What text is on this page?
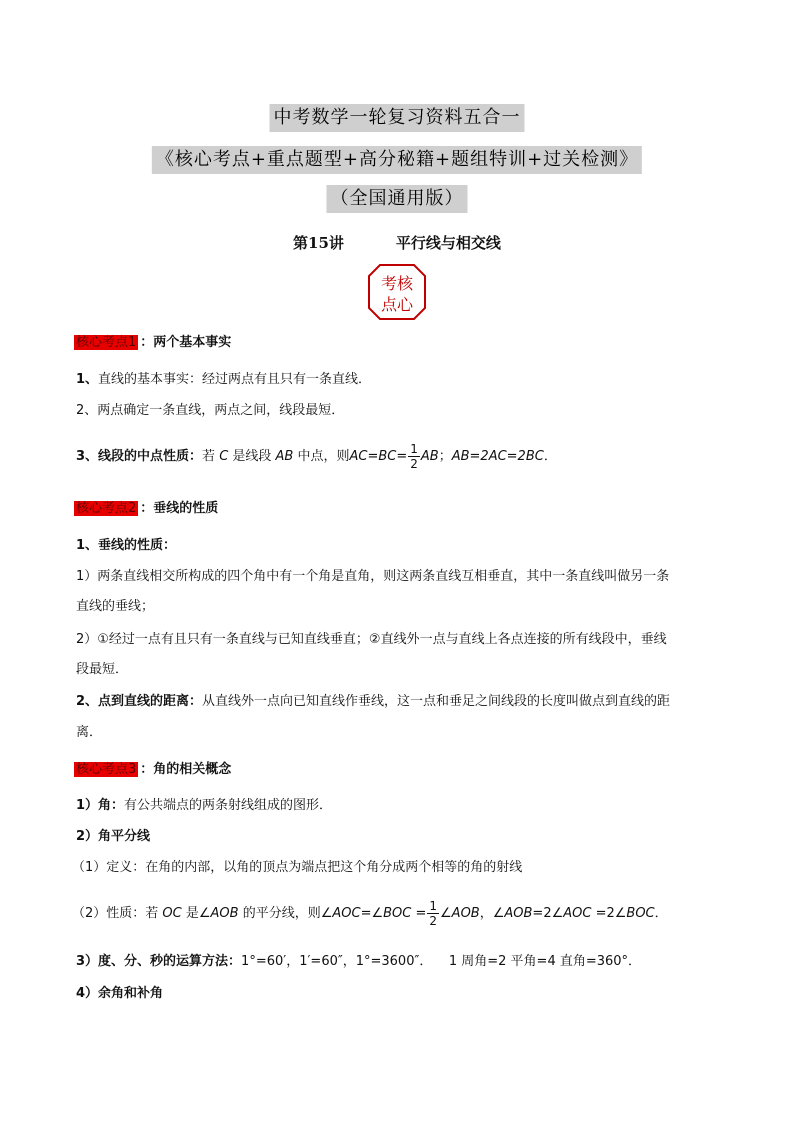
中考数学一轮复习资料五合一
《核心考点+重点题型+高分秘籍+题组特训+过关检测》
（全国通用版）
第15讲	平行线与相交线
考核
点心
核心考点1 ：两个基本事实
1、直线的基本事实：经过两点有且只有一条直线．
2、两点确定一条直线，两点之间，线段最短．
3、线段的中点性质：若 C 是线段 AB 中点，则$AC=BC= \frac{1}{2}$ AB；AB=2AC=2BC．
核心考点2 ：垂线的性质
1、垂线的性质：
1）两条直线相交所构成的四个角中有一个角是直角，则这两条直线互相垂直，其中一条直线叫做另一条
直线的垂线；
2）①经过一点有且只有一条直线与已知直线垂直；②直线外一点与直线上各点连接的所有线段中，垂线
段最短．
2、点到直线的距离：从直线外一点向已知直线作垂线，这一点和垂足之间线段的长度叫做点到直线的距
离．
核心考点3 ：角的相关概念
1）角：有公共端点的两条射线组成的图形．
2）角平分线
（1）定义：在角的内部，以角的顶点为端点把这个角分成两个相等的角的射线
（2）性质：若 OC 是∠AOB 的平分线，则∠AOC=∠BOC = $\frac{1}{2}$ ∠AOB，∠AOB=2∠AOC =2∠BOC．
3）度、分、秒的运算方法：1°=60′，1′=60″，1°=3600″．    1 周角=2 平角=4 直角=360°．
4）余角和补角
